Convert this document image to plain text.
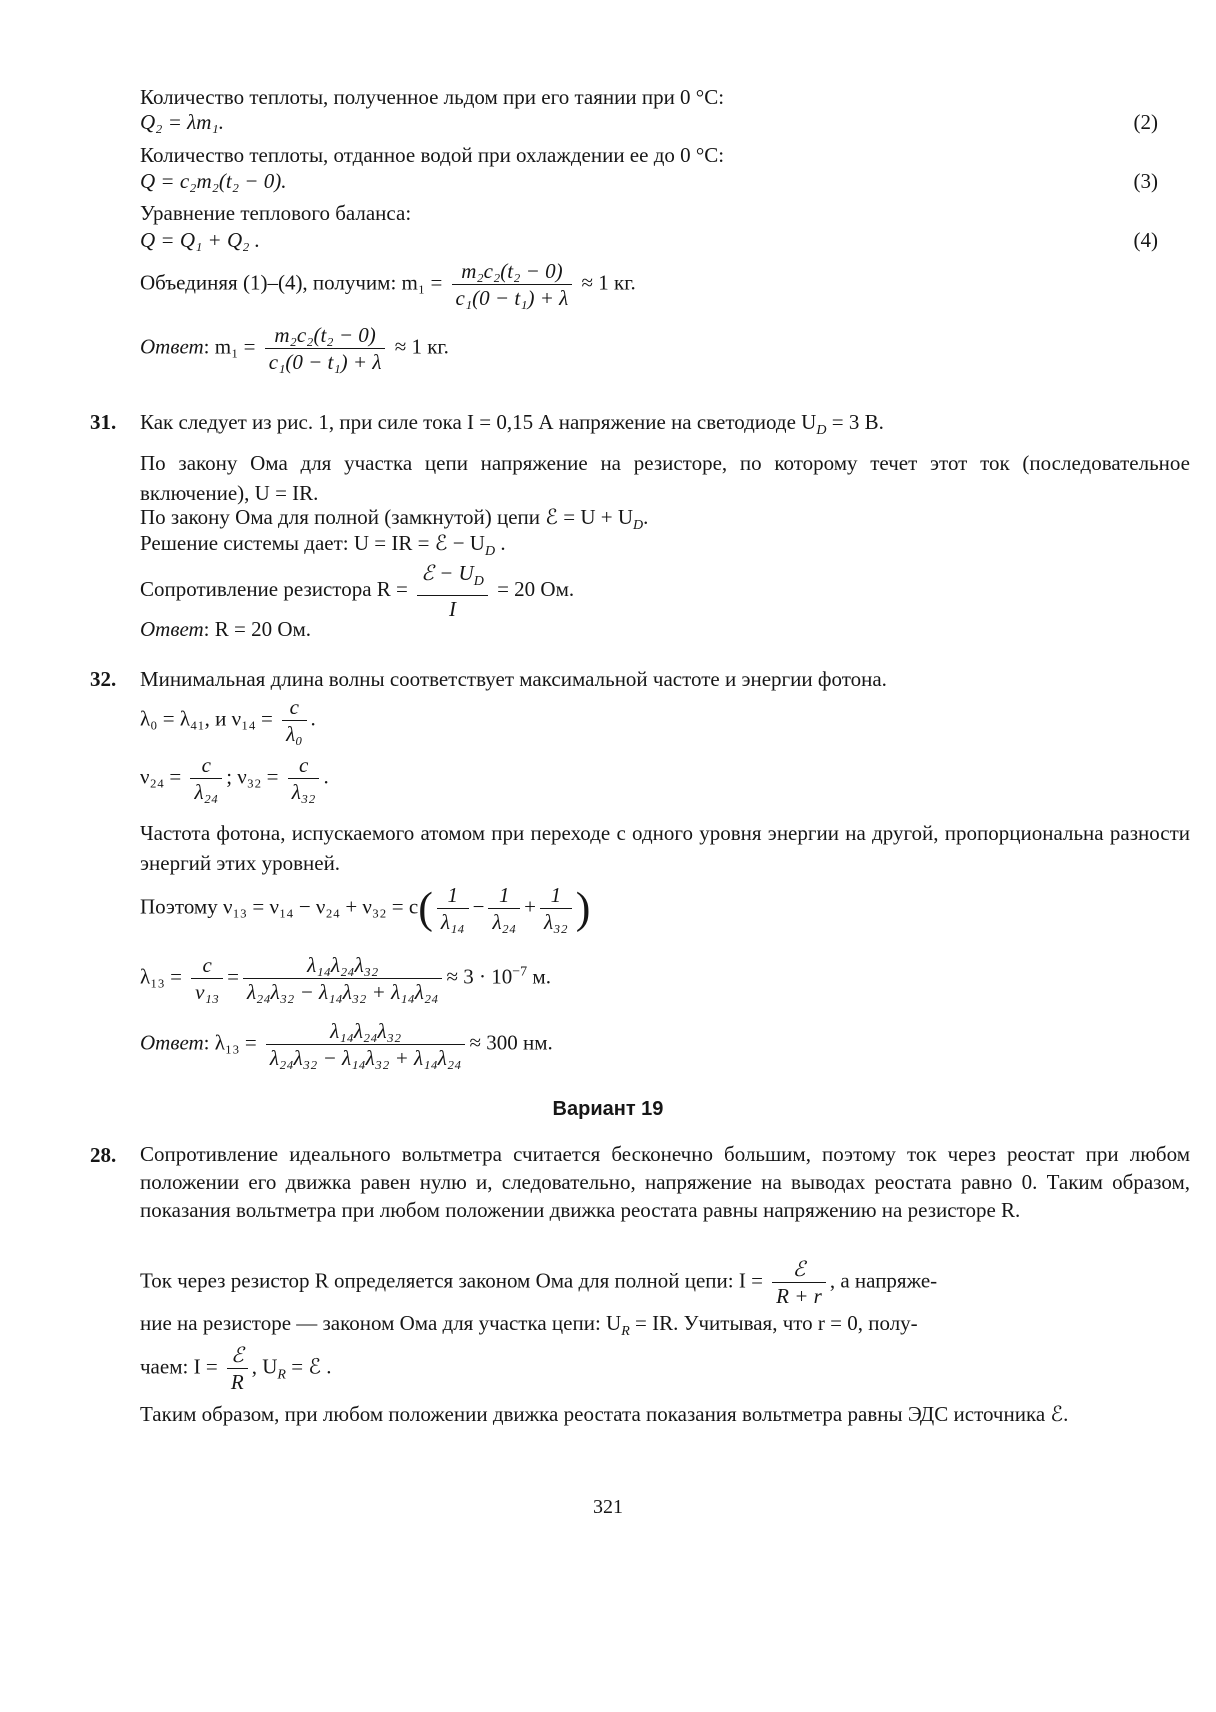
Количество теплоты, полученное льдом при его таянии при 0 °С:
Q₂ = λm₁.	(2)
Количество теплоты, отданное водой при охлаждении ее до 0 °С:
Q = c₂m₂(t₂ − 0).	(3)
Уравнение теплового баланса:
Q = Q₁ + Q₂ .	(4)
Объединяя (1)–(4), получим: $m_1 = \frac{\text{m₂c₂(t₂ − 0)}}{\text{c₁(0 − t₁) + λ}} \approx 1$ кг.
Ответ: $m_1 = \frac{\text{m₂c₂(t₂ − 0)}}{\text{c₁(0 − t₁) + λ}} \approx 1$ кг.
31. Как следует из рис. 1, при силе тока I = 0,15 А напряжение на светодиоде $U_D = 3$ В.
По закону Ома для участка цепи напряжение на резисторе, по которому течет этот ток (последовательное включение), U = IR.
По закону Ома для полной (замкнутой) цепи ℰ = $U + U_D$.
Решение системы дает: U = IR = ℰ − $U_D$ .
Сопротивление резистора $R = \frac{ℰ - U_D}{I} = 20$ Ом.
Ответ: R = 20 Ом.
32. Минимальная длина волны соответствует максимальной частоте и энергии фотона.
λ₀ = λ₄₁, и $\nu_{14} = \frac{c}{\text{λ₀}}$ .
$\nu_{24} = \frac{c}{\text{λ₂₄}}$ ; $\nu_{32} = \frac{c}{\text{λ₃₂}}$ .
Частота фотона, испускаемого атомом при переходе с одного уровня энергии на другой, пропорциональна разности энергий этих уровней.
Поэтому $\nu_{13} = \nu_{14} - \nu_{24} + \nu_{32} = c( \frac{1}{\text{λ₁₄}} - \frac{1}{\text{λ₂₄}} + \frac{1}{\text{λ₃₂}}$ )
$\lambda_{13} = \frac{c}{\text{ν₁₃}} = \frac{\text{λ₁₄λ₂₄λ₃₂}}{\text{λ₂₄λ₃₂ − λ₁₄λ₃₂ + λ₁₄λ₂₄}} \approx 3 \cdot 10^{-7}$ м.
Ответ: $\lambda_{13} = \frac{\text{λ₁₄λ₂₄λ₃₂}}{\text{λ₂₄λ₃₂ − λ₁₄λ₃₂ + λ₁₄λ₂₄}} \approx 300$ нм.
Вариант 19
28. Сопротивление идеального вольтметра считается бесконечно большим, поэтому ток через реостат при любом положении его движка равен нулю и, следовательно, напряжение на выводах реостата равно 0. Таким образом, показания вольтметра при любом положении движка реостата равны напряжению на резисторе R.
Ток через резистор R определяется законом Ома для полной цепи: $I = \frac{\text{ℰ}}{R + r}$ , а напряже-
ние на резисторе — законом Ома для участка цепи: $U_R$ = IR. Учитывая, что r = 0, полу-
чаем: $I = \frac{\text{ℰ}}{R}$ , $U_R$ = ℰ .
Таким образом, при любом положении движка реостата показания вольтметра равны ЭДС источника ℰ.
321
